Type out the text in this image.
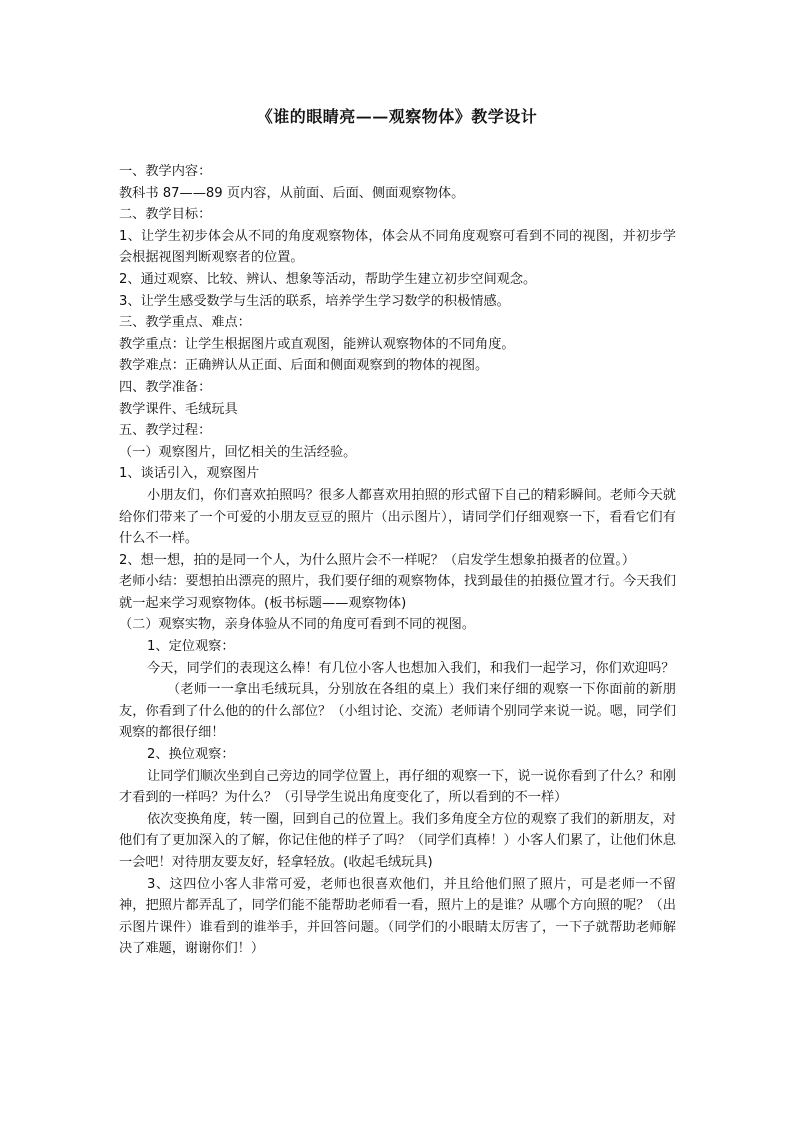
《谁的眼睛亮——观察物体》教学设计

一、教学内容：

教科书 87——89 页内容，从前面、后面、侧面观察物体。

二、教学目标：

1、让学生初步体会从不同的角度观察物体，体会从不同角度观察可看到不同的视图，并初步学会根据视图判断观察者的位置。

2、通过观察、比较、辨认、想象等活动，帮助学生建立初步空间观念。

3、让学生感受数学与生活的联系，培养学生学习数学的积极情感。

三、教学重点、难点：

教学重点：让学生根据图片或直观图，能辨认观察物体的不同角度。

教学难点：正确辨认从正面、后面和侧面观察到的物体的视图。

四、教学准备：

教学课件、毛绒玩具

五、教学过程：

（一）观察图片，回忆相关的生活经验。

1、谈话引入，观察图片

小朋友们，你们喜欢拍照吗？很多人都喜欢用拍照的形式留下自己的精彩瞬间。老师今天就给你们带来了一个可爱的小朋友豆豆的照片（出示图片），请同学们仔细观察一下，看看它们有什么不一样。

2、想一想，拍的是同一个人，为什么照片会不一样呢？（启发学生想象拍摄者的位置。）

老师小结：要想拍出漂亮的照片，我们要仔细的观察物体，找到最佳的拍摄位置才行。今天我们就一起来学习观察物体。(板书标题——观察物体)

（二）观察实物，亲身体验从不同的角度可看到不同的视图。

1、定位观察：

今天，同学们的表现这么棒！有几位小客人也想加入我们，和我们一起学习，你们欢迎吗？

（老师一一拿出毛绒玩具，分别放在各组的桌上）我们来仔细的观察一下你面前的新朋友，你看到了什么他的的什么部位？（小组讨论、交流）老师请个别同学来说一说。嗯，同学们观察的都很仔细！

2、换位观察：

让同学们顺次坐到自己旁边的同学位置上，再仔细的观察一下，说一说你看到了什么？和刚才看到的一样吗？为什么？（引导学生说出角度变化了，所以看到的不一样）

依次变换角度，转一圈，回到自己的位置上。我们多角度全方位的观察了我们的新朋友，对他们有了更加深入的了解，你记住他的样子了吗？（同学们真棒！）小客人们累了，让他们休息一会吧！对待朋友要友好，轻拿轻放。(收起毛绒玩具)

3、这四位小客人非常可爱，老师也很喜欢他们，并且给他们照了照片，可是老师一不留神，把照片都弄乱了，同学们能不能帮助老师看一看，照片上的是谁？从哪个方向照的呢？（出示图片课件）谁看到的谁举手，并回答问题。（同学们的小眼睛太厉害了，一下子就帮助老师解决了难题，谢谢你们！）
